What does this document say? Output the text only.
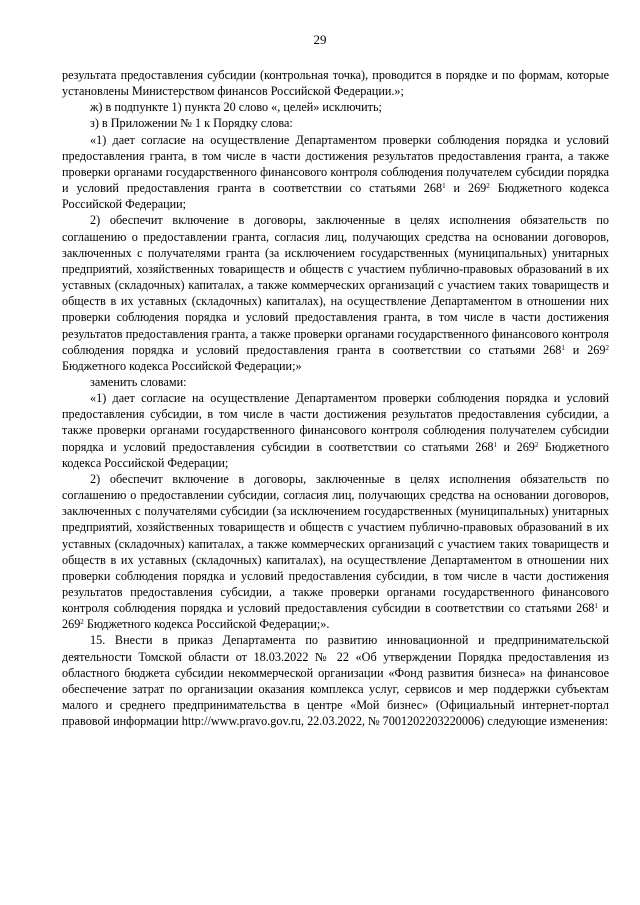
29

результата предоставления субсидии (контрольная точка), проводится в порядке и по формам, которые установлены Министерством финансов Российской Федерации.»;

ж) в подпункте 1) пункта 20 слово «, целей» исключить;

з) в Приложении № 1 к Порядку слова:

«1) дает согласие на осуществление Департаментом проверки соблюдения порядка и условий предоставления гранта, в том числе в части достижения результатов предоставления гранта, а также проверки органами государственного финансового контроля соблюдения получателем субсидии порядка и условий предоставления гранта в соответствии со статьями $268^1$ и $269^2$ Бюджетного кодекса Российской Федерации;

2) обеспечит включение в договоры, заключенные в целях исполнения обязательств по соглашению о предоставлении гранта, согласия лиц, получающих средства на основании договоров, заключенных с получателями гранта (за исключением государственных (муниципальных) унитарных предприятий, хозяйственных товариществ и обществ с участием публично-правовых образований в их уставных (складочных) капиталах, а также коммерческих организаций с участием таких товариществ и обществ в их уставных (складочных) капиталах), на осуществление Департаментом в отношении них проверки соблюдения порядка и условий предоставления гранта, в том числе в части достижения результатов предоставления гранта, а также проверки органами государственного финансового контроля соблюдения порядка и условий предоставления гранта в соответствии со статьями $268^1$ и $269^2$ Бюджетного кодекса Российской Федерации;»

заменить словами:

«1) дает согласие на осуществление Департаментом проверки соблюдения порядка и условий предоставления субсидии, в том числе в части достижения результатов предоставления субсидии, а также проверки органами государственного финансового контроля соблюдения получателем субсидии порядка и условий предоставления субсидии в соответствии со статьями $268^1$ и $269^2$ Бюджетного кодекса Российской Федерации;

2) обеспечит включение в договоры, заключенные в целях исполнения обязательств по соглашению о предоставлении субсидии, согласия лиц, получающих средства на основании договоров, заключенных с получателями субсидии (за исключением государственных (муниципальных) унитарных предприятий, хозяйственных товариществ и обществ с участием публично-правовых образований в их уставных (складочных) капиталах, а также коммерческих организаций с участием таких товариществ и обществ в их уставных (складочных) капиталах), на осуществление Департаментом в отношении них проверки соблюдения порядка и условий предоставления субсидии, в том числе в части достижения результатов предоставления субсидии, а также проверки органами государственного финансового контроля соблюдения порядка и условий предоставления субсидии в соответствии со статьями $268^1$ и $269^2$ Бюджетного кодекса Российской Федерации;».

15. Внести в приказ Департамента по развитию инновационной и предпринимательской деятельности Томской области от 18.03.2022 № 22 «Об утверждении Порядка предоставления из областного бюджета субсидии некоммерческой организации «Фонд развития бизнеса» на финансовое обеспечение затрат по организации оказания комплекса услуг, сервисов и мер поддержки субъектам малого и среднего предпринимательства в центре «Мой бизнес» (Официальный интернет-портал правовой информации http://www.pravo.gov.ru, 22.03.2022, № 7001202203220006) следующие изменения:
